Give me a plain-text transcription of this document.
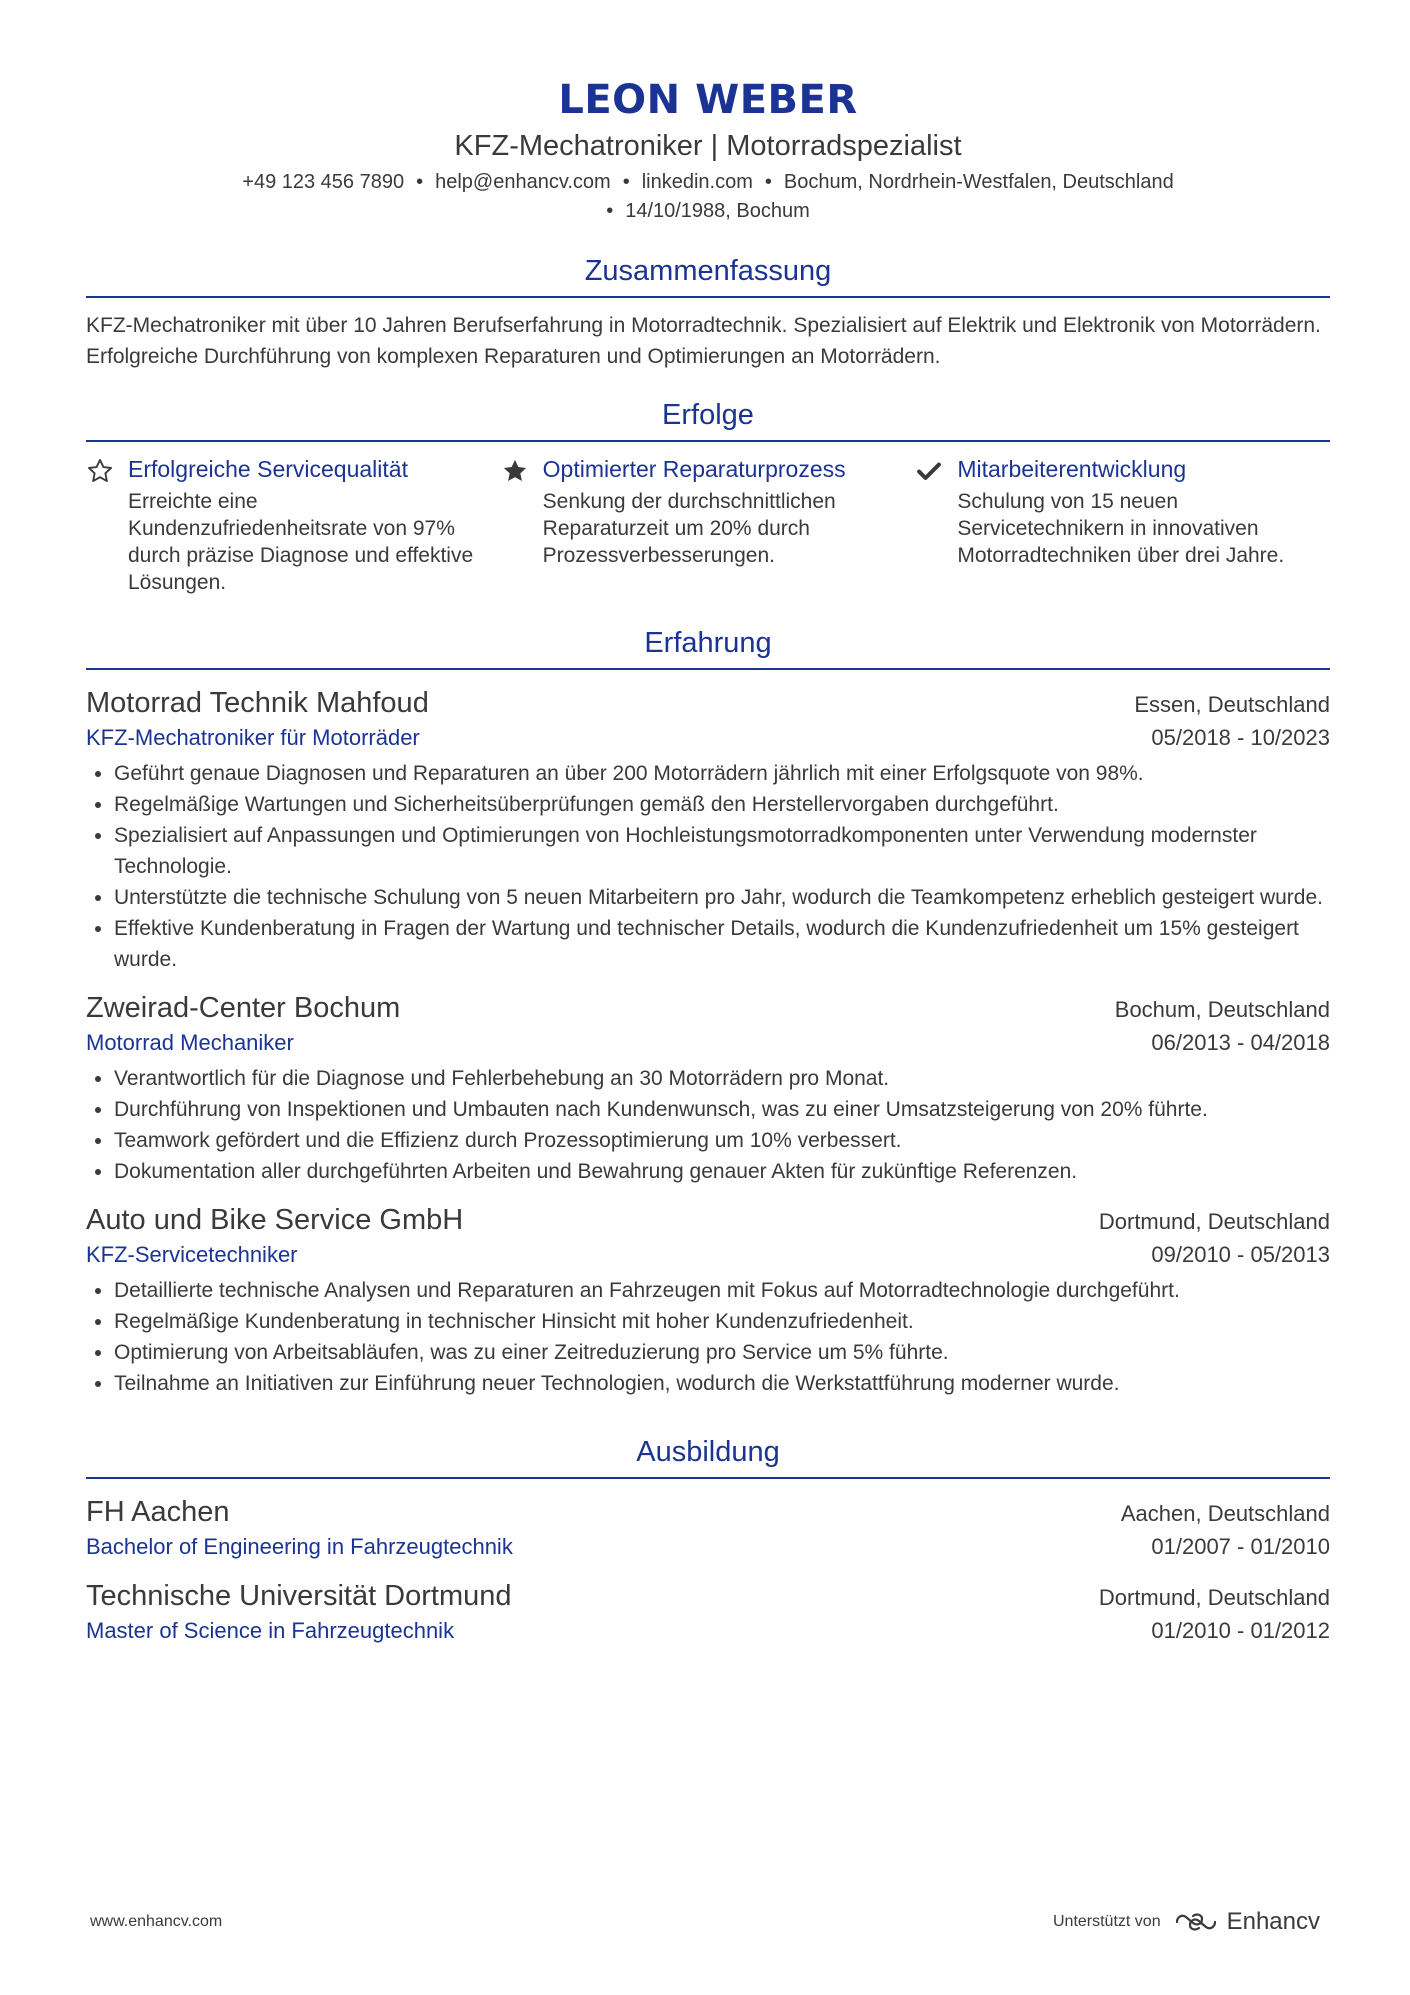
LEON WEBER
KFZ-Mechatroniker | Motorradspezialist
+49 123 456 7890 • help@enhancv.com • linkedin.com • Bochum, Nordrhein-Westfalen, Deutschland
• 14/10/1988, Bochum
Zusammenfassung
KFZ-Mechatroniker mit über 10 Jahren Berufserfahrung in Motorradtechnik. Spezialisiert auf Elektrik und Elektronik von Motorrädern. Erfolgreiche Durchführung von komplexen Reparaturen und Optimierungen an Motorrädern.
Erfolge
Erfolgreiche Servicequalität
Erreichte eine Kundenzufriedenheitsrate von 97% durch präzise Diagnose und effektive Lösungen.
Optimierter Reparaturprozess
Senkung der durchschnittlichen Reparaturzeit um 20% durch Prozessverbesserungen.
Mitarbeiterentwicklung
Schulung von 15 neuen Servicetechnikern in innovativen Motorradtechniken über drei Jahre.
Erfahrung
Motorrad Technik Mahfoud	Essen, Deutschland
KFZ-Mechatroniker für Motorräder	05/2018 - 10/2023
• Geführt genaue Diagnosen und Reparaturen an über 200 Motorrädern jährlich mit einer Erfolgsquote von 98%.
• Regelmäßige Wartungen und Sicherheitsüberprüfungen gemäß den Herstellervorgaben durchgeführt.
• Spezialisiert auf Anpassungen und Optimierungen von Hochleistungsmotorradkomponenten unter Verwendung modernster Technologie.
• Unterstützte die technische Schulung von 5 neuen Mitarbeitern pro Jahr, wodurch die Teamkompetenz erheblich gesteigert wurde.
• Effektive Kundenberatung in Fragen der Wartung und technischer Details, wodurch die Kundenzufriedenheit um 15% gesteigert wurde.
Zweirad-Center Bochum	Bochum, Deutschland
Motorrad Mechaniker	06/2013 - 04/2018
• Verantwortlich für die Diagnose und Fehlerbehebung an 30 Motorrädern pro Monat.
• Durchführung von Inspektionen und Umbauten nach Kundenwunsch, was zu einer Umsatzsteigerung von 20% führte.
• Teamwork gefördert und die Effizienz durch Prozessoptimierung um 10% verbessert.
• Dokumentation aller durchgeführten Arbeiten und Bewahrung genauer Akten für zukünftige Referenzen.
Auto und Bike Service GmbH	Dortmund, Deutschland
KFZ-Servicetechniker	09/2010 - 05/2013
• Detaillierte technische Analysen und Reparaturen an Fahrzeugen mit Fokus auf Motorradtechnologie durchgeführt.
• Regelmäßige Kundenberatung in technischer Hinsicht mit hoher Kundenzufriedenheit.
• Optimierung von Arbeitsabläufen, was zu einer Zeitreduzierung pro Service um 5% führte.
• Teilnahme an Initiativen zur Einführung neuer Technologien, wodurch die Werkstattführung moderner wurde.
Ausbildung
FH Aachen	Aachen, Deutschland
Bachelor of Engineering in Fahrzeugtechnik	01/2007 - 01/2010
Technische Universität Dortmund	Dortmund, Deutschland
Master of Science in Fahrzeugtechnik	01/2010 - 01/2012
www.enhancv.com	Unterstützt von	Enhancv
